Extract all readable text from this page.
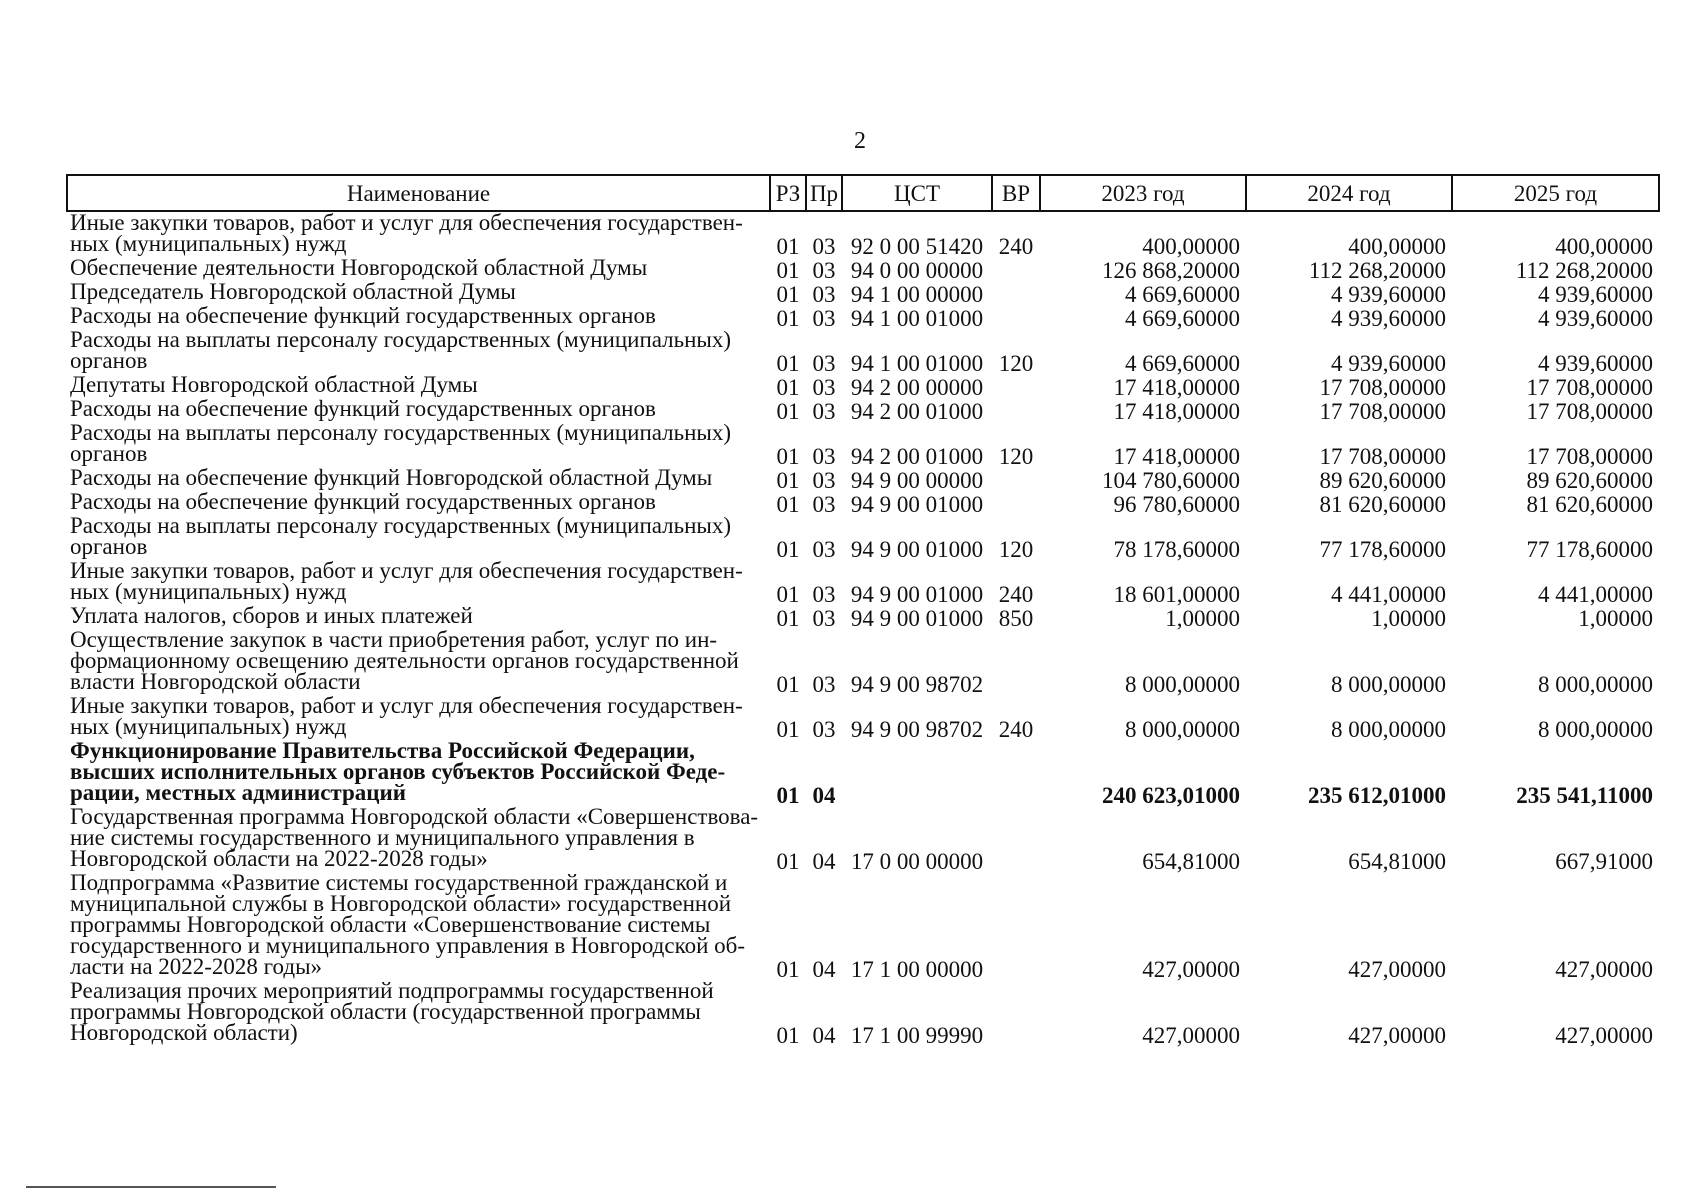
2
Наименование	РЗ	Пр	ЦСТ	ВР	2023 год	2024 год	2025 год
Иные закупки товаров, работ и услуг для обеспечения государствен-ных (муниципальных) нужд	01	03	92 0 00 51420	240	400,00000	400,00000	400,00000
Обеспечение деятельности Новгородской областной Думы	01	03	94 0 00 00000		126 868,20000	112 268,20000	112 268,20000
Председатель Новгородской областной Думы	01	03	94 1 00 00000		4 669,60000	4 939,60000	4 939,60000
Расходы на обеспечение функций государственных органов	01	03	94 1 00 01000		4 669,60000	4 939,60000	4 939,60000
Расходы на выплаты персоналу государственных (муниципальных) органов	01	03	94 1 00 01000	120	4 669,60000	4 939,60000	4 939,60000
Депутаты Новгородской областной Думы	01	03	94 2 00 00000		17 418,00000	17 708,00000	17 708,00000
Расходы на обеспечение функций государственных органов	01	03	94 2 00 01000		17 418,00000	17 708,00000	17 708,00000
Расходы на выплаты персоналу государственных (муниципальных) органов	01	03	94 2 00 01000	120	17 418,00000	17 708,00000	17 708,00000
Расходы на обеспечение функций Новгородской областной Думы	01	03	94 9 00 00000		104 780,60000	89 620,60000	89 620,60000
Расходы на обеспечение функций государственных органов	01	03	94 9 00 01000		96 780,60000	81 620,60000	81 620,60000
Расходы на выплаты персоналу государственных (муниципальных) органов	01	03	94 9 00 01000	120	78 178,60000	77 178,60000	77 178,60000
Иные закупки товаров, работ и услуг для обеспечения государствен-ных (муниципальных) нужд	01	03	94 9 00 01000	240	18 601,00000	4 441,00000	4 441,00000
Уплата налогов, сборов и иных платежей	01	03	94 9 00 01000	850	1,00000	1,00000	1,00000
Осуществление закупок в части приобретения работ, услуг по ин-формационному освещению деятельности органов государственной власти Новгородской области	01	03	94 9 00 98702		8 000,00000	8 000,00000	8 000,00000
Иные закупки товаров, работ и услуг для обеспечения государствен-ных (муниципальных) нужд	01	03	94 9 00 98702	240	8 000,00000	8 000,00000	8 000,00000
Функционирование Правительства Российской Федерации, высших исполнительных органов субъектов Российской Феде-рации, местных администраций	01	04			240 623,01000	235 612,01000	235 541,11000
Государственная программа Новгородской области «Совершенствова-ние системы государственного и муниципального управления в Новгородской области на 2022-2028 годы»	01	04	17 0 00 00000		654,81000	654,81000	667,91000
Подпрограмма «Развитие системы государственной гражданской и муниципальной службы в Новгородской области» государственной программы Новгородской области «Совершенствование системы государственного и муниципального управления в Новгородской об-ласти на 2022-2028 годы»	01	04	17 1 00 00000		427,00000	427,00000	427,00000
Реализация прочих мероприятий подпрограммы государственной программы Новгородской области (государственной программы Новгородской области)	01	04	17 1 00 99990		427,00000	427,00000	427,00000
